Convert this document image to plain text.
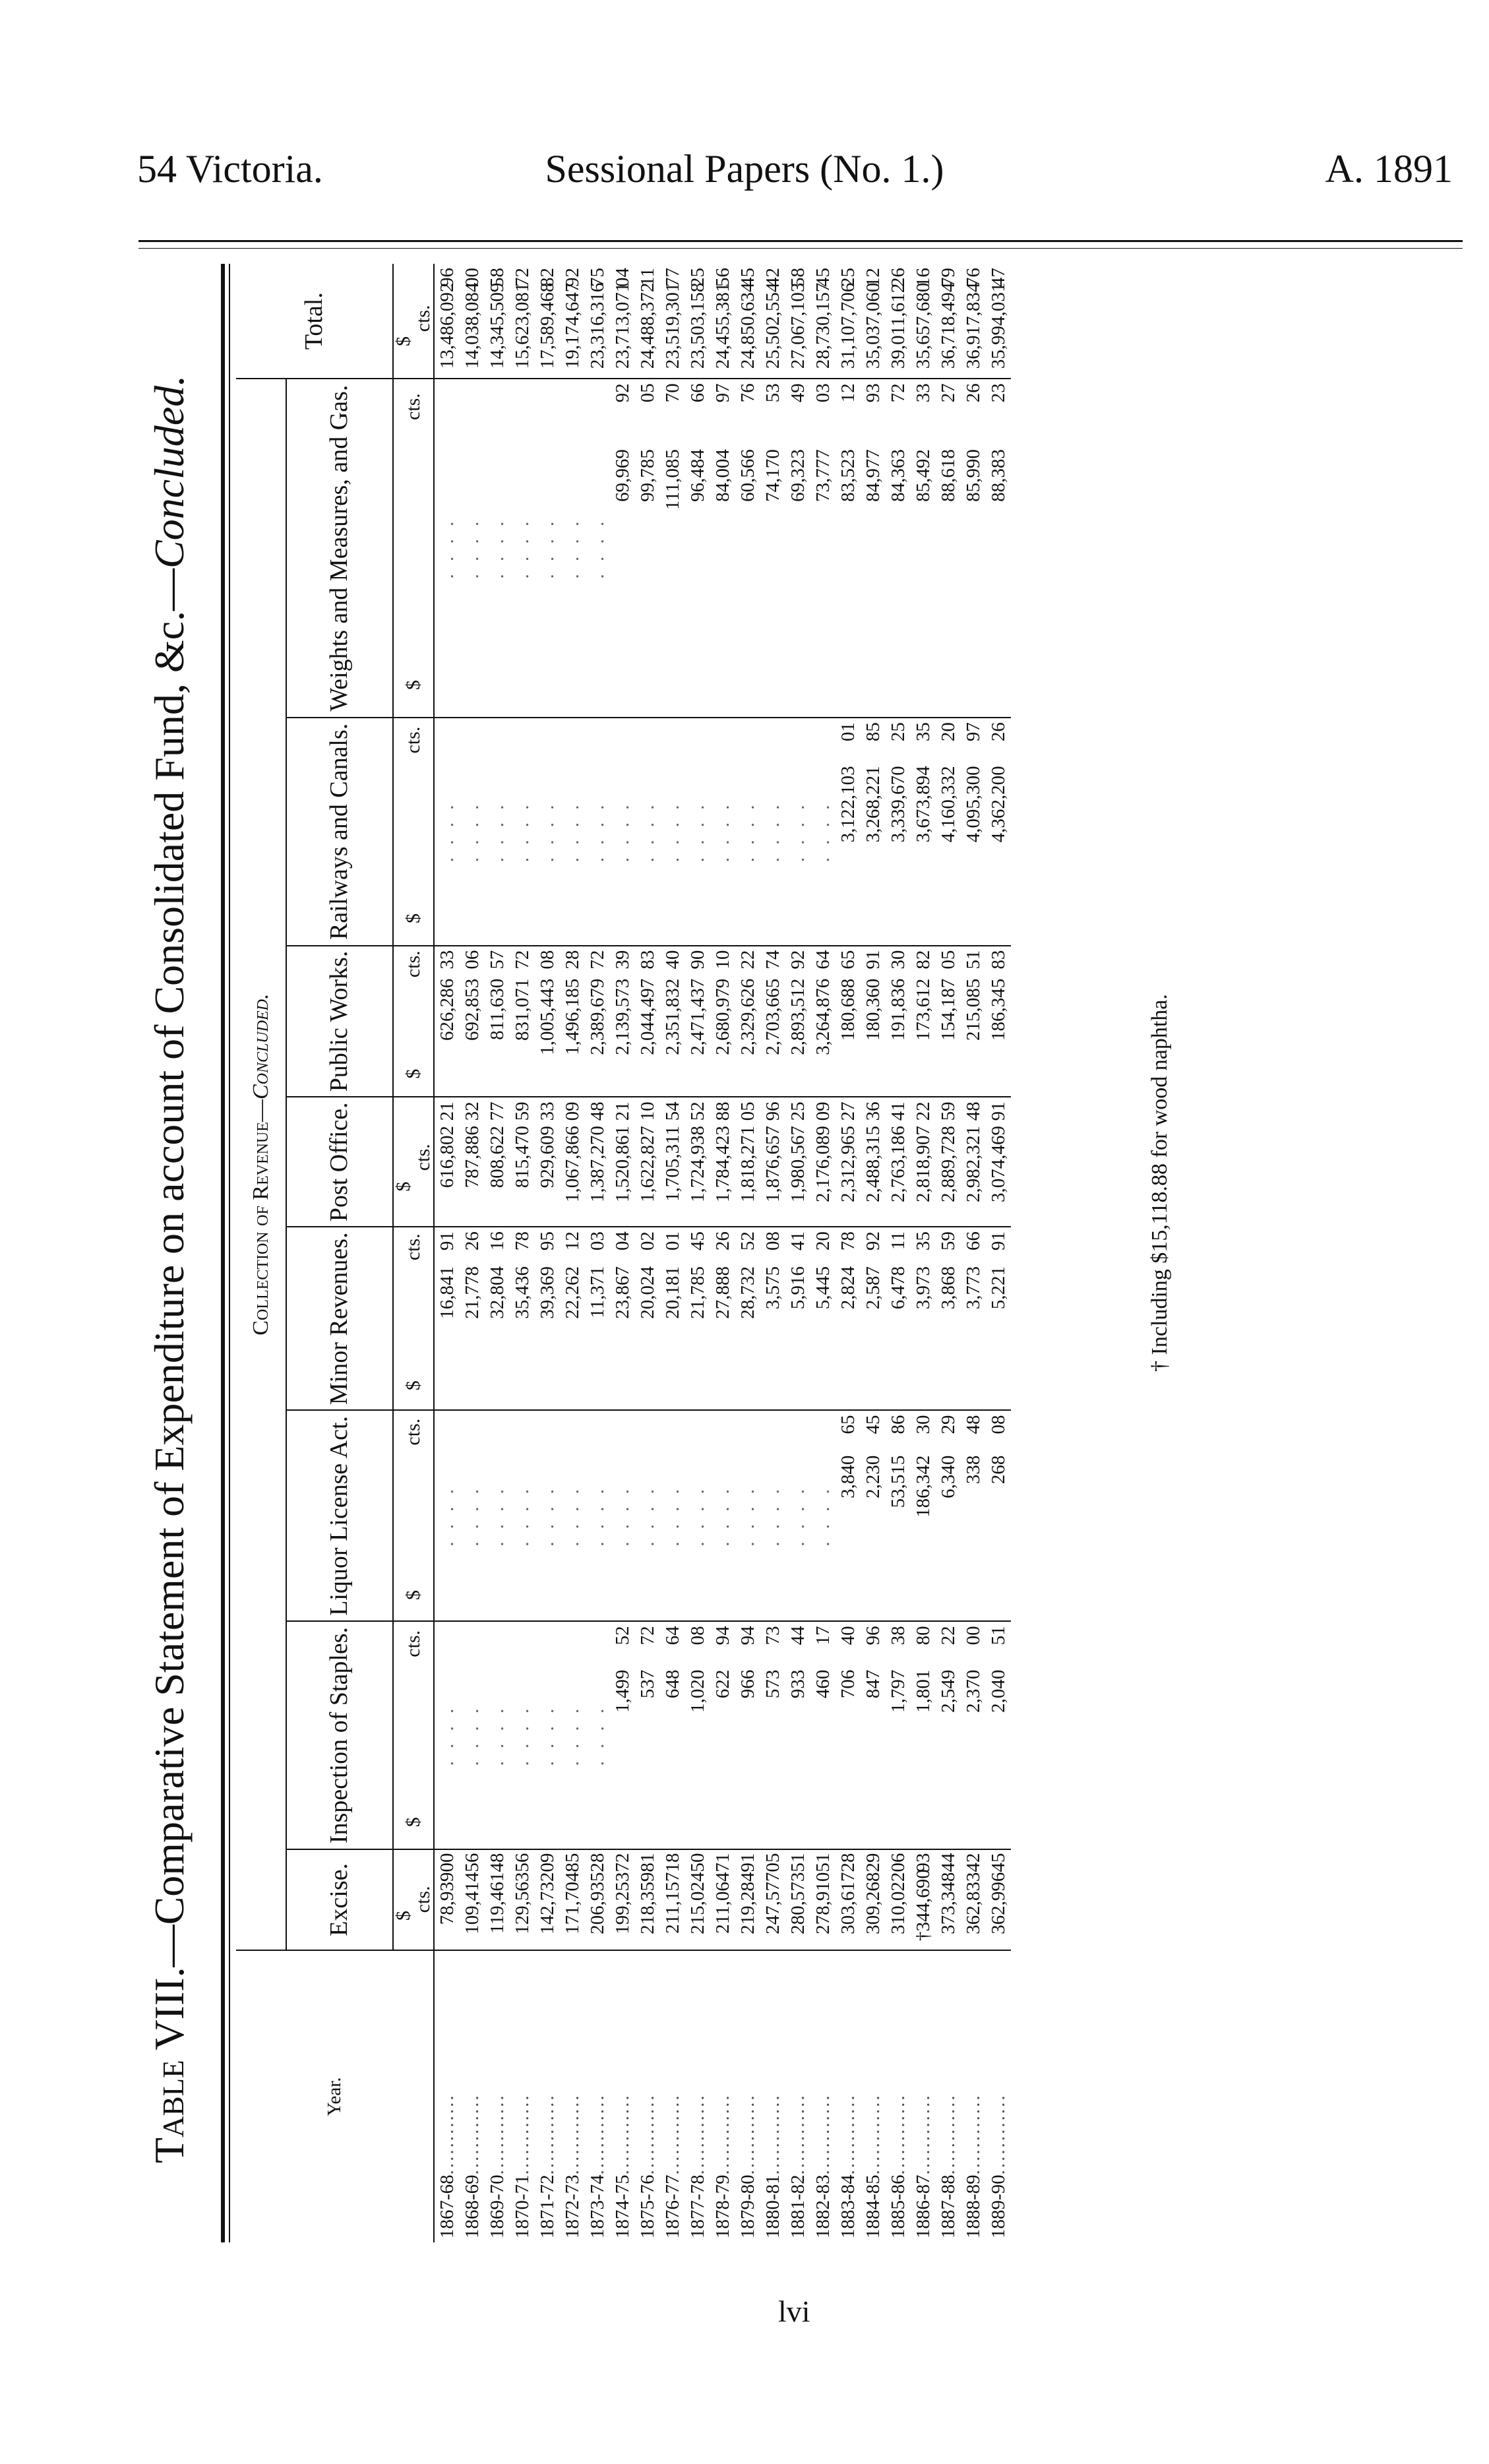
54 Victoria.	Sessional Papers (No. 1.)	A. 1891
Table VIII.—Comparative Statement of Expenditure on account of Consolidated Fund, &c.—Concluded.
Year.	Collection of Revenue—Concluded.								Total.
	Excise.	Inspection of Staples.	Liquor License Act.	Minor Revenues.	Post Office.	Public Works.	Railways and Canals.	Weights and Measures, and Gas.	
	$cts.	$cts.	$cts.	$cts.	$cts.	$cts.	$cts.	$cts.	$cts.
1867-68............	78,93900	. . . .	. . . .	16,84191	616,80221	626,28633	. . . .	. . . .	13,486,09296
1868-69............	109,41456	. . . .	. . . .	21,77826	787,88632	692,85306	. . . .	. . . .	14,038,08400
1869-70............	119,46148	. . . .	. . . .	32,80416	808,62277	811,63057	. . . .	. . . .	14,345,50958
1870-71............	129,56356	. . . .	. . . .	35,43678	815,47059	831,07172	. . . .	. . . .	15,623,08172
1871-72............	142,73209	. . . .	. . . .	39,36995	929,60933	1,005,44308	. . . .	. . . .	17,589,46882
1872-73............	171,70485	. . . .	. . . .	22,26212	1,067,86609	1,496,18528	. . . .	. . . .	19,174,64792
1873-74............	206,93528	. . . .	. . . .	11,37103	1,387,27048	2,389,67972	. . . .	. . . .	23,316,31675
1874-75............	199,25372	1,49952	. . . .	23,86704	1,520,86121	2,139,57339	. . . .	69,96992	23,713,07104
1875-76............	218,35981	53772	. . . .	20,02402	1,622,82710	2,044,49783	. . . .	99,78505	24,488,37211
1876-77............	211,15718	64864	. . . .	20,18101	1,705,31154	2,351,83240	. . . .	111,08570	23,519,30177
1877-78............	215,02450	1,02008	. . . .	21,78545	1,724,93852	2,471,43790	. . . .	96,48466	23,503,15825
1878-79............	211,06471	62294	. . . .	27,88826	1,784,42388	2,680,97910	. . . .	84,00497	24,455,38156
1879-80............	219,28491	96694	. . . .	28,73252	1,818,27105	2,329,62622	. . . .	60,56676	24,850,63445
1880-81............	247,57705	57373	. . . .	3,57508	1,876,65796	2,703,66574	. . . .	74,17053	25,502,55442
1881-82............	280,57351	93344	. . . .	5,91641	1,980,56725	2,893,51292	. . . .	69,32349	27,067,10358
1882-83............	278,91051	46017	. . . .	5,44520	2,176,08909	3,264,87664	. . . .	73,77703	28,730,15745
1883-84............	303,61728	70640	3,84065	2,82478	2,312,96527	180,68865	3,122,10301	83,52312	31,107,70625
1884-85............	309,26829	84796	2,23045	2,58792	2,488,31536	180,36091	3,268,22185	84,97793	35,037,06012
1885-86............	310,02206	1,79738	53,51586	6,47811	2,763,18641	191,83630	3,339,67025	84,36372	39,011,61226
1886-87............	†344,69093	1,80180	186,34230	3,97335	2,818,90722	173,61282	3,673,89435	85,49233	35,657,68016
1887-88............	373,34844	2,54922	6,34029	3,86859	2,889,72859	154,18705	4,160,33220	88,61827	36,718,49479
1888-89............	362,83342	2,37000	33848	3,77366	2,982,32148	215,08551	4,095,30097	85,99026	36,917,83476
1889-90............	362,99645	2,04051	26808	5,22191	3,074,46991	186,34583	4,362,20026	88,38323	35,994,03147
† Including $15,118.88 for wood naphtha.
lvi
